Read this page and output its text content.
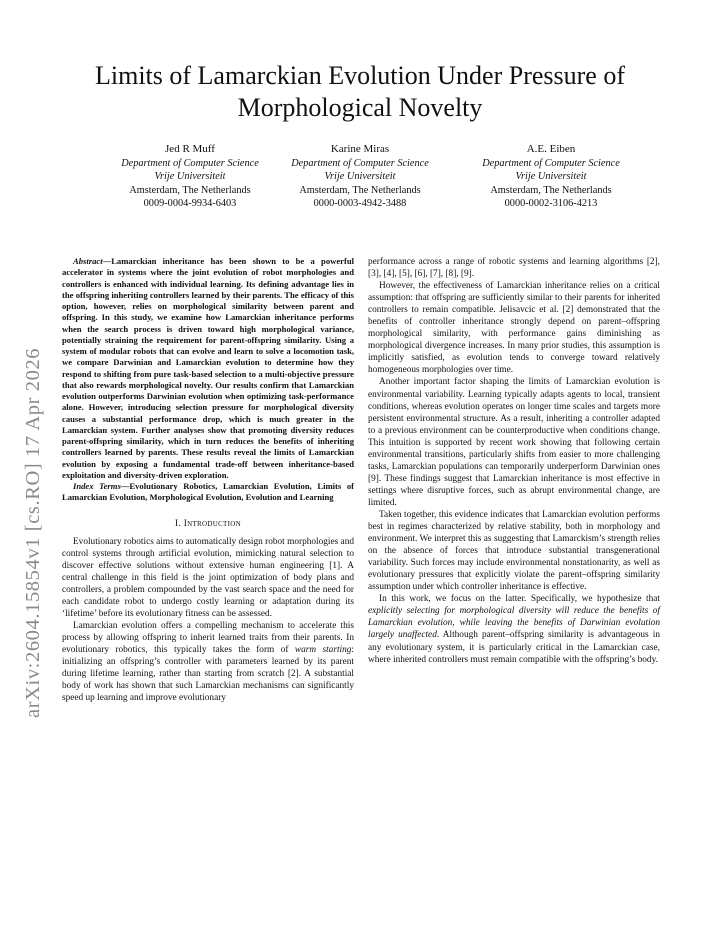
arXiv:2604.15854v1 [cs.RO] 17 Apr 2026
Limits of Lamarckian Evolution Under Pressure of Morphological Novelty
Jed R Muff
Department of Computer Science
Vrije Universiteit
Amsterdam, The Netherlands
0009-0004-9934-6403
Karine Miras
Department of Computer Science
Vrije Universiteit
Amsterdam, The Netherlands
0000-0003-4942-3488
A.E. Eiben
Department of Computer Science
Vrije Universiteit
Amsterdam, The Netherlands
0000-0002-3106-4213

Abstract—Lamarckian inheritance has been shown to be a powerful accelerator in systems where the joint evolution of robot morphologies and controllers is enhanced with individual learning. Its defining advantage lies in the offspring inheriting controllers learned by their parents. The efficacy of this option, however, relies on morphological similarity between parent and offspring. In this study, we examine how Lamarckian inheritance performs when the search process is driven toward high morphological variance, potentially straining the requirement for parent-offspring similarity. Using a system of modular robots that can evolve and learn to solve a locomotion task, we compare Darwinian and Lamarckian evolution to determine how they respond to shifting from pure task-based selection to a multi-objective pressure that also rewards morphological novelty. Our results confirm that Lamarckian evolution outperforms Darwinian evolution when optimizing task-performance alone. However, introducing selection pressure for morphological diversity causes a substantial performance drop, which is much greater in the Lamarckian system. Further analyses show that promoting diversity reduces parent-offspring similarity, which in turn reduces the benefits of inheriting controllers learned by parents. These results reveal the limits of Lamarckian evolution by exposing a fundamental trade-off between inheritance-based exploitation and diversity-driven exploration.

Index Terms—Evolutionary Robotics, Lamarckian Evolution, Limits of Lamarckian Evolution, Morphological Evolution, Evolution and Learning

I. Introduction

Evolutionary robotics aims to automatically design robot morphologies and control systems through artificial evolution, mimicking natural selection to discover effective solutions without extensive human engineering [1]. A central challenge in this field is the joint optimization of body plans and controllers, a problem compounded by the vast search space and the need for each candidate robot to undergo costly learning or adaptation during its ‘lifetime’ before its evolutionary fitness can be assessed.

Lamarckian evolution offers a compelling mechanism to accelerate this process by allowing offspring to inherit learned traits from their parents. In evolutionary robotics, this typically takes the form of warm starting: initializing an offspring’s controller with parameters learned by its parent during lifetime learning, rather than starting from scratch [2]. A substantial body of work has shown that such Lamarckian mechanisms can significantly speed up learning and improve evolutionary

performance across a range of robotic systems and learning algorithms [2], [3], [4], [5], [6], [7], [8], [9].

However, the effectiveness of Lamarckian inheritance relies on a critical assumption: that offspring are sufficiently similar to their parents for inherited controllers to remain compatible. Jelisavcic et al. [2] demonstrated that the benefits of controller inheritance strongly depend on parent–offspring morphological similarity, with performance gains diminishing as morphological divergence increases. In many prior studies, this assumption is implicitly satisfied, as evolution tends to converge toward relatively homogeneous morphologies over time.

Another important factor shaping the limits of Lamarckian evolution is environmental variability. Learning typically adapts agents to local, transient conditions, whereas evolution operates on longer time scales and targets more persistent environmental structure. As a result, inheriting a controller adapted to a previous environment can be counterproductive when conditions change. This intuition is supported by recent work showing that following certain environmental transitions, particularly shifts from easier to more challenging tasks, Lamarckian populations can temporarily underperform Darwinian ones [9]. These findings suggest that Lamarckian inheritance is most effective in settings where disruptive forces, such as abrupt environmental change, are limited.

Taken together, this evidence indicates that Lamarckian evolution performs best in regimes characterized by relative stability, both in morphology and environment. We interpret this as suggesting that Lamarckism’s strength relies on the absence of forces that introduce substantial transgenerational variability. Such forces may include environmental nonstationarity, as well as evolutionary pressures that explicitly violate the parent–offspring similarity assumption under which controller inheritance is effective.

In this work, we focus on the latter. Specifically, we hypothesize that explicitly selecting for morphological diversity will reduce the benefits of Lamarckian evolution, while leaving the benefits of Darwinian evolution largely unaffected. Although parent–offspring similarity is advantageous in any evolutionary system, it is particularly critical in the Lamarckian case, where inherited controllers must remain compatible with the offspring’s body.
